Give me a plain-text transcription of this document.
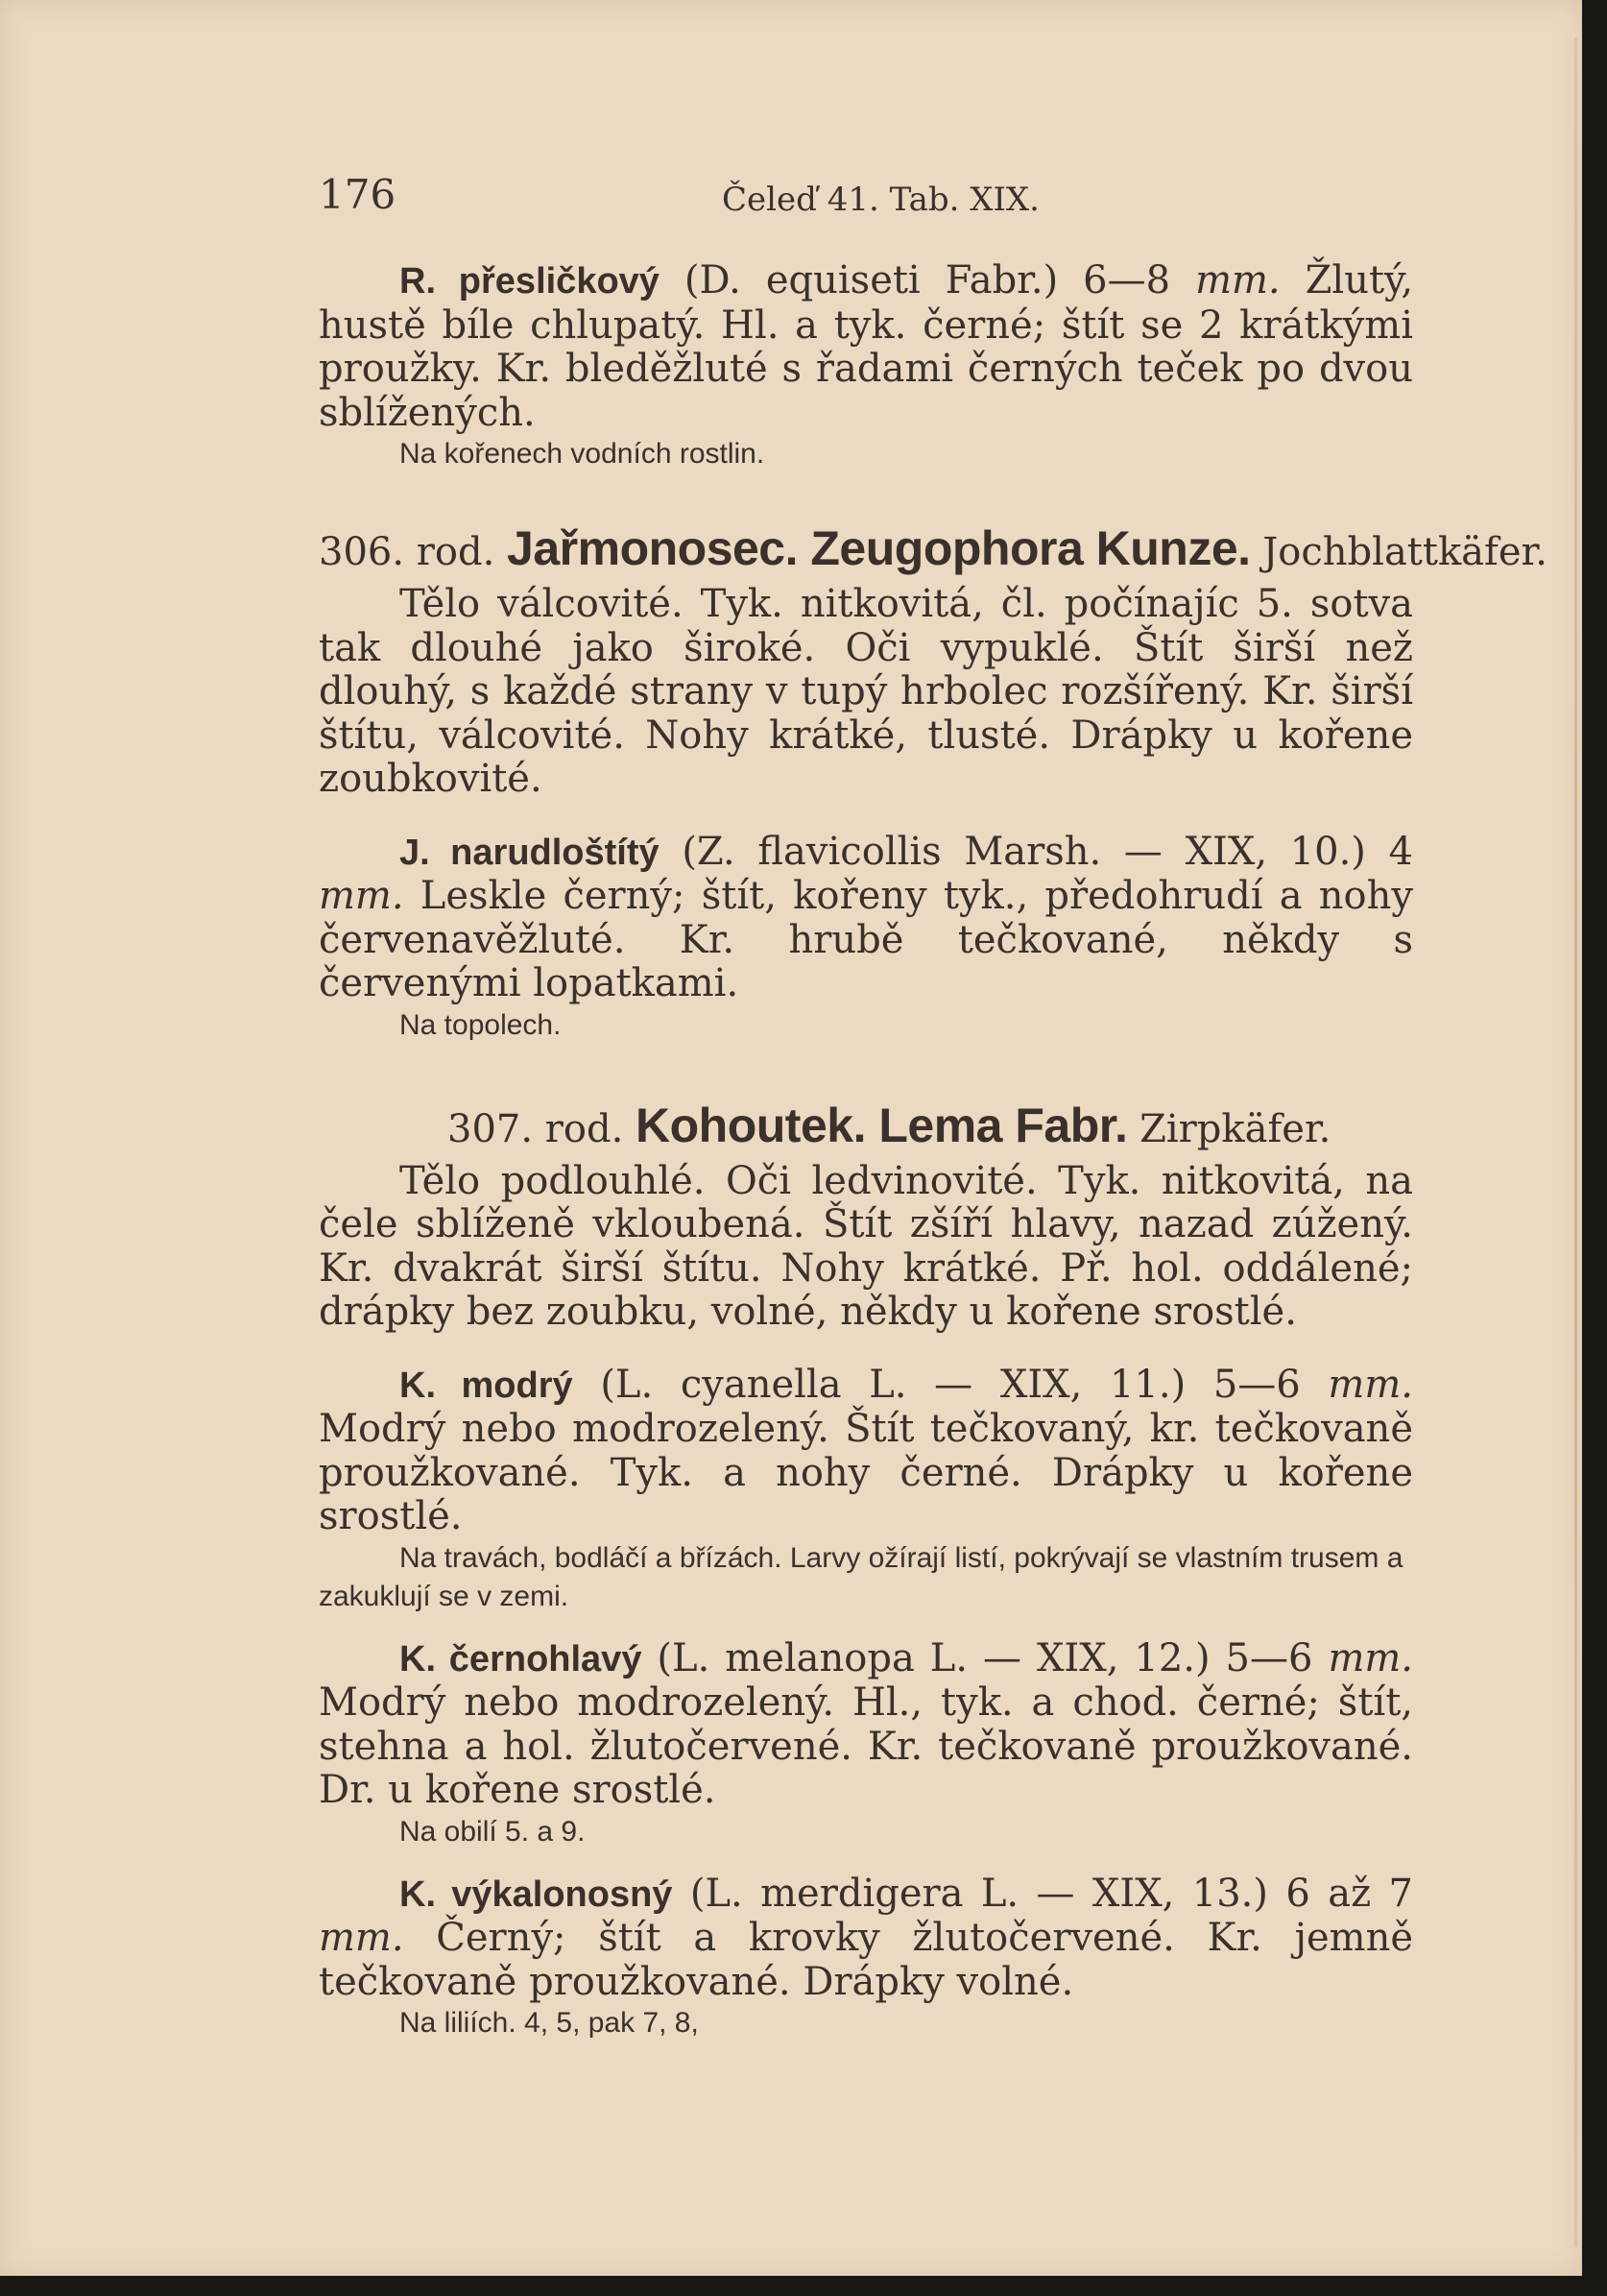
176	Čeleď 41. Tab. XIX.

R. přesličkový (D. equiseti Fabr.) 6—8 mm. Žlutý, hustě bíle chlupatý. Hl. a tyk. černé; štít se 2 krátkými proužky. Kr. bleděžluté s řadami černých teček po dvou sblížených.

Na kořenech vodních rostlin.

306. rod. Jařmonosec. Zeugophora Kunze. Jochblattkäfer.

Tělo válcovité. Tyk. nitkovitá, čl. počínajíc 5. sotva tak dlouhé jako široké. Oči vypuklé. Štít širší než dlouhý, s každé strany v tupý hrbolec rozšířený. Kr. širší štítu, válcovité. Nohy krátké, tlusté. Drápky u kořene zoubkovité.

J. narudloštítý (Z. flavicollis Marsh. — XIX, 10.) 4 mm. Leskle černý; štít, kořeny tyk., předohrudí a nohy červenavěžluté. Kr. hrubě tečkované, někdy s červenými lopatkami.

Na topolech.

307. rod. Kohoutek. Lema Fabr. Zirpkäfer.

Tělo podlouhlé. Oči ledvinovité. Tyk. nitkovitá, na čele sblíženě vkloubená. Štít zšíří hlavy, nazad zúžený. Kr. dvakrát širší štítu. Nohy krátké. Př. hol. oddálené; drápky bez zoubku, volné, někdy u kořene srostlé.

K. modrý (L. cyanella L. — XIX, 11.) 5—6 mm. Modrý nebo modrozelený. Štít tečkovaný, kr. tečkovaně proužkované. Tyk. a nohy černé. Drápky u kořene srostlé.

Na travách, bodláčí a břízách. Larvy ožírají listí, pokrývají se vlastním trusem a zakuklují se v zemi.

K. černohlavý (L. melanopa L. — XIX, 12.) 5—6 mm. Modrý nebo modrozelený. Hl., tyk. a chod. černé; štít, stehna a hol. žlutočervené. Kr. tečkovaně proužkované. Dr. u kořene srostlé.

Na obilí 5. a 9.

K. výkalonosný (L. merdigera L. — XIX, 13.) 6 až 7 mm. Černý; štít a krovky žlutočervené. Kr. jemně tečkovaně proužkované. Drápky volné.

Na liliích. 4, 5, pak 7, 8,
